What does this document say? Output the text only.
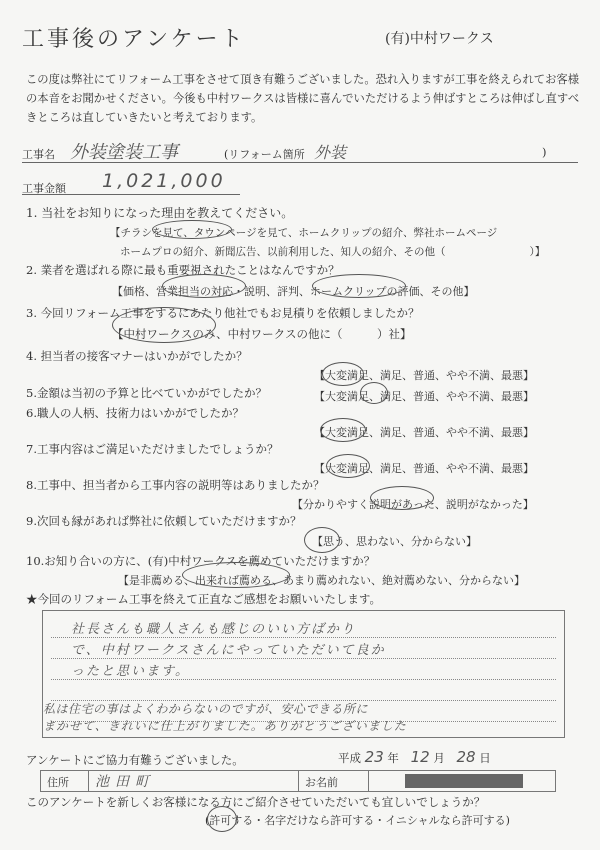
工事後のアンケート	(有)中村ワークス
この度は弊社にてリフォーム工事をさせて頂き有難うございました。恐れ入りますが工事を終えられてお客様の本音をお聞かせください。今後も中村ワークスは皆様に喜んでいただけるよう伸ばすところは伸ばし直すべきところは直していきたいと考えております。
工事名 外装塗装工事	(リフォーム箇所 外装	)
工事金額 1,021,000
1. 当社をお知りになった理由を教えてください。
【チラシを見て、タウンページを見て、ホームクリップの紹介、弊社ホームページ
ホームプロの紹介、新聞広告、以前利用した、知人の紹介、その他（　　　　　　　　）】
2. 業者を選ばれる際に最も重要視されたことはなんですか？
【価格、営業担当の対応・説明、評判、ホームクリップの評価、その他】
3. 今回リフォーム工事をするにあたり他社でもお見積りを依頼しましたか？
【中村ワークスのみ、中村ワークスの他に（　　　）社】
4. 担当者の接客マナーはいかがでしたか？
【大変満足、満足、普通、やや不満、最悪】
5.金額は当初の予算と比べていかがでしたか？	【大変満足、満足、普通、やや不満、最悪】
6.職人の人柄、技術力はいかがでしたか？
【大変満足、満足、普通、やや不満、最悪】
7.工事内容はご満足いただけましたでしょうか？
【大変満足、満足、普通、やや不満、最悪】
8.工事中、担当者から工事内容の説明等はありましたか？
【分かりやすく説明があった、説明がなかった】
9.次回も縁があれば弊社に依頼していただけますか？
【思う、思わない、分からない】
10.お知り合いの方に、(有)中村ワークスを薦めていただけますか？
【是非薦める、出来れば薦める、あまり薦めれない、絶対薦めない、分からない】
★今回のリフォーム工事を終えて正直なご感想をお願いいたします。
社長さんも職人さんも感じのいい方ばかり
で、中村ワークスさんにやっていただいて良か
ったと思います。
私は住宅の事はよくわからないのですが、安心できる所に
まかせて、きれいに仕上がりました。ありがとうございました
アンケートにご協力有難うございました。	平成 23 年 12 月 28 日
住所	池田町	お名前
このアンケートを新しくお客様になる方にご紹介させていただいても宜しいでしょうか？
(許可する・名字だけなら許可する・イニシャルなら許可する)
